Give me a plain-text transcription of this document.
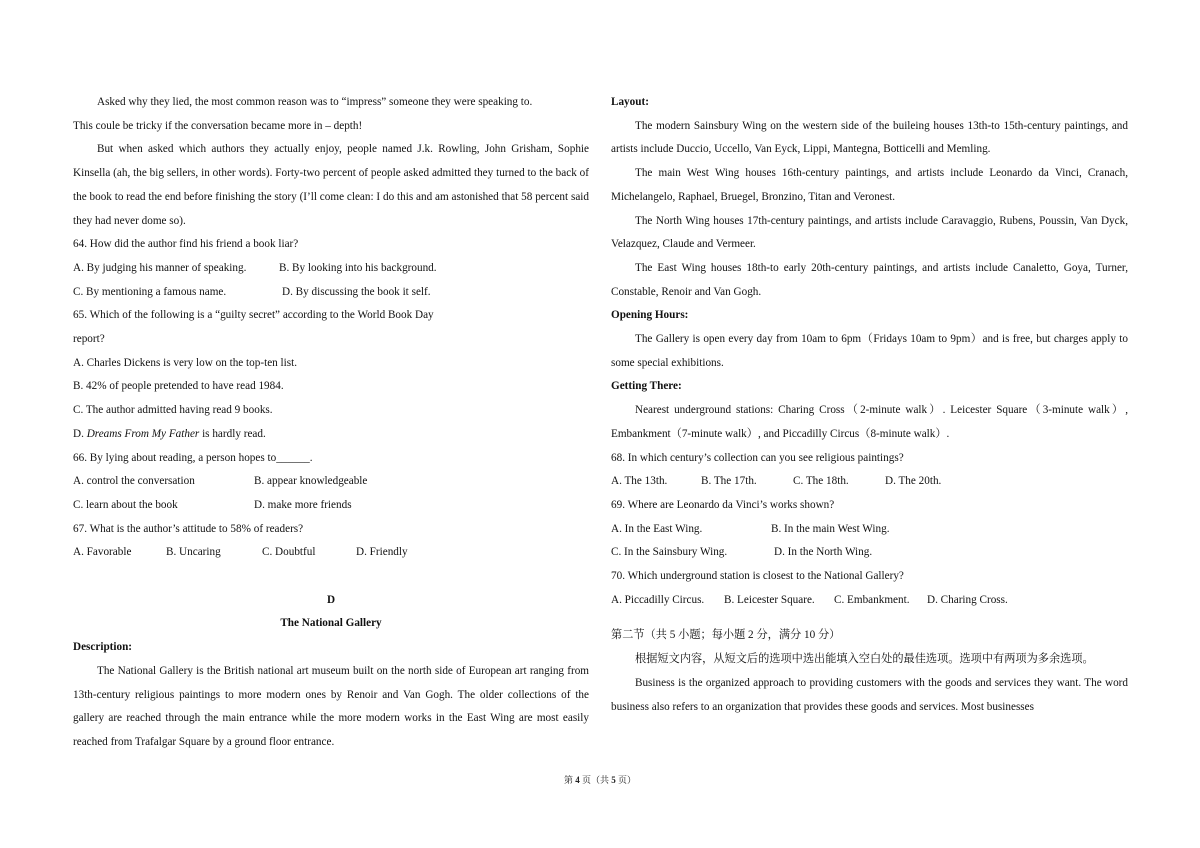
Asked why they lied, the most common reason was to “impress” someone they were speaking to.

This coule be tricky if the conversation became more in – depth!

But when asked which authors they actually enjoy, people named J.k. Rowling, John Grisham, Sophie Kinsella (ah, the big sellers, in other words). Forty-two percent of people asked admitted they turned to the back of the book to read the end before finishing the story (I’ll come clean: I do this and am astonished that 58 percent said they had never dome so).

64. How did the author find his friend a book liar?

A. By judging his manner of speaking.	B. By looking into his background.
C. By mentioning a famous name.	D. By discussing the book it self.

65. Which of the following is a “guilty secret” according to the World Book Day

report?

A. Charles Dickens is very low on the top-ten list.

B. 42% of people pretended to have read 1984.

C. The author admitted having read 9 books.

D. Dreams From My Father is hardly read.

66. By lying about reading, a person hopes to______.

A. control the conversation	B. appear knowledgeable
C. learn about the book	D. make more friends

67. What is the author’s attitude to 58% of readers?

A. Favorable	B. Uncaring	C. Doubtful	D. Friendly

D

The National Gallery

Description:

The National Gallery is the British national art museum built on the north side of European art ranging from 13th-century religious paintings to more modern ones by Renoir and Van Gogh. The older collections of the gallery are reached through the main entrance while the more modern works in the East Wing are most easily reached from Trafalgar Square by a ground floor entrance.

Layout:

The modern Sainsbury Wing on the western side of the buileing houses 13th-to 15th-century paintings, and artists include Duccio, Uccello, Van Eyck, Lippi, Mantegna, Botticelli and Memling.

The main West Wing houses 16th-century paintings, and artists include Leonardo da Vinci, Cranach, Michelangelo, Raphael, Bruegel, Bronzino, Titan and Veronest.

The North Wing houses 17th-century paintings, and artists include Caravaggio, Rubens, Poussin, Van Dyck, Velazquez, Claude and Vermeer.

The East Wing houses 18th-to early 20th-century paintings, and artists include Canaletto, Goya, Turner, Constable, Renoir and Van Gogh.

Opening Hours:

The Gallery is open every day from 10am to 6pm（Fridays 10am to 9pm）and is free, but charges apply to some special exhibitions.

Getting There:

Nearest underground stations: Charing Cross（2-minute walk）. Leicester Square（3-minute walk）, Embankment（7-minute walk）, and Piccadilly Circus（8-minute walk）.

68. In which century’s collection can you see religious paintings?

A. The 13th.	B. The 17th.	C. The 18th.	D. The 20th.

69. Where are Leonardo da Vinci’s works shown?

A. In the East Wing.	B. In the main West Wing.
C. In the Sainsbury Wing.	D. In the North Wing.

70. Which underground station is closest to the National Gallery?

A. Piccadilly Circus.	B. Leicester Square.	C. Embankment.	D. Charing Cross.

第二节（共 5 小题；每小题 2 分，满分 10 分）

根据短文内容，从短文后的选项中选出能填入空白处的最佳选项。选项中有两项为多余选项。

Business is the organized approach to providing customers with the goods and services they want. The word business also refers to an organization that provides these goods and services. Most businesses

第 4 页（共 5 页）
